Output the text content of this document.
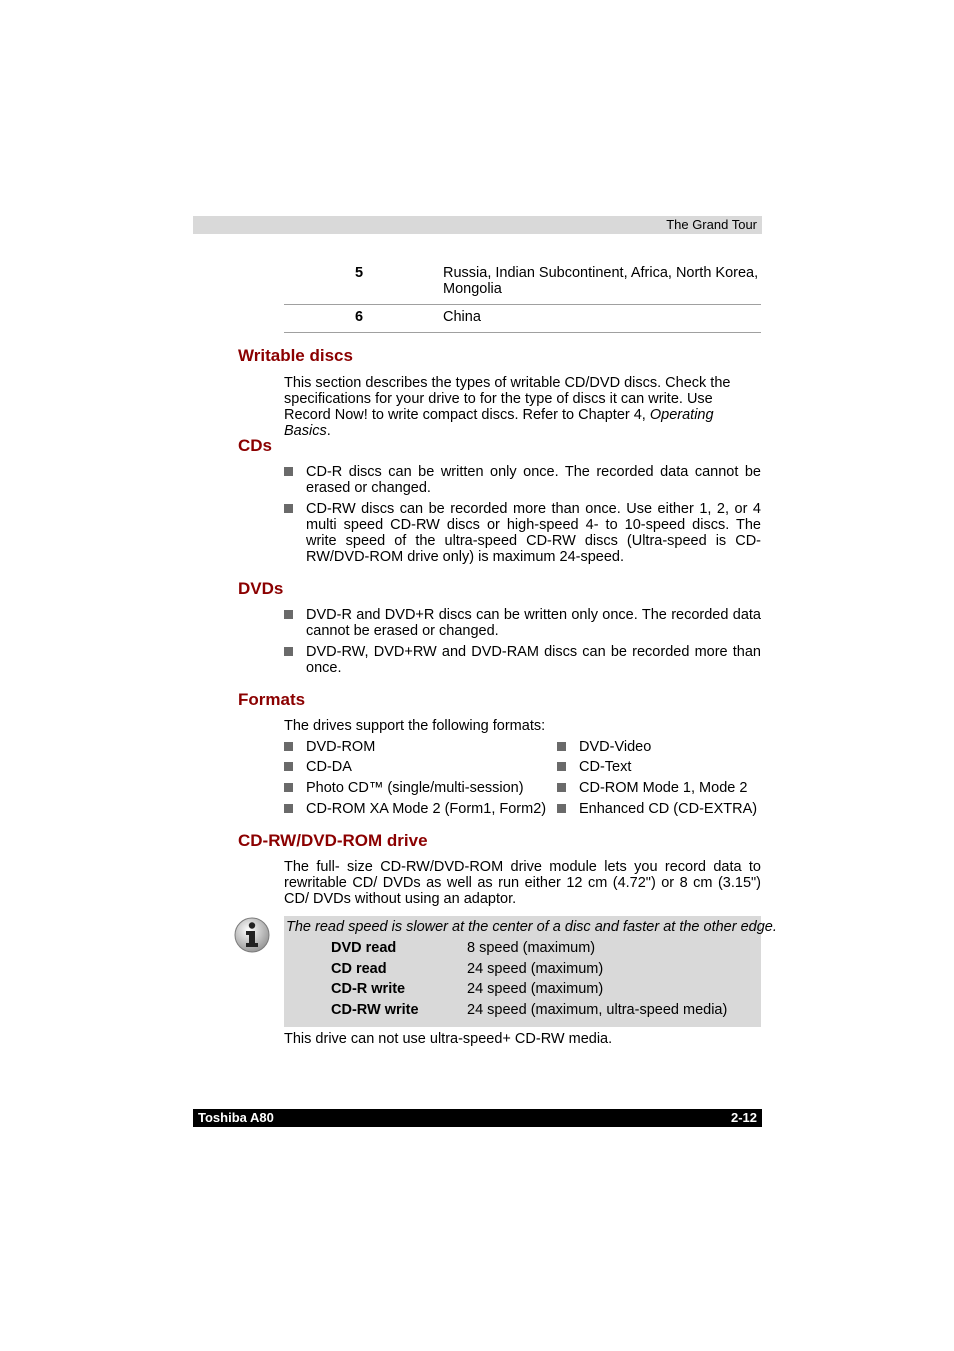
The Grand Tour
5	Russia, Indian Subcontinent, Africa, North Korea, Mongolia
6	China
Writable discs

This section describes the types of writable CD/DVD discs. Check the specifications for your drive to for the type of discs it can write. Use Record Now! to write compact discs. Refer to Chapter 4, Operating Basics.

CDs
CD-R discs can be written only once. The recorded data cannot be erased or changed.
CD-RW discs can be recorded more than once. Use either 1, 2, or 4 multi speed CD-RW discs or high-speed 4- to 10-speed discs. The write speed of the ultra-speed CD-RW discs (Ultra-speed is CD-RW/DVD-ROM drive only) is maximum 24-speed.
DVDs
DVD-R and DVD+R discs can be written only once. The recorded data cannot be erased or changed.
DVD-RW, DVD+RW and DVD-RAM discs can be recorded more than once.
Formats

The drives support the following formats:

DVD-ROM
CD-DA
Photo CD™ (single/multi-session)
CD-ROM XA Mode 2 (Form1, Form2)
DVD-Video
CD-Text
CD-ROM Mode 1, Mode 2
Enhanced CD (CD-EXTRA)
CD-RW/DVD-ROM drive

The full- size CD-RW/DVD-ROM drive module lets you record data to rewritable CD/ DVDs as well as run either 12 cm (4.72") or 8 cm (3.15") CD/ DVDs without using an adaptor.

The read speed is slower at the center of a disc and faster at the other edge.
DVD read	8 speed (maximum)
CD read	24 speed (maximum)
CD-R write	24 speed (maximum)
CD-RW write	24 speed (maximum, ultra-speed media)

This drive can not use ultra-speed+ CD-RW media.

Toshiba A80	2-12
